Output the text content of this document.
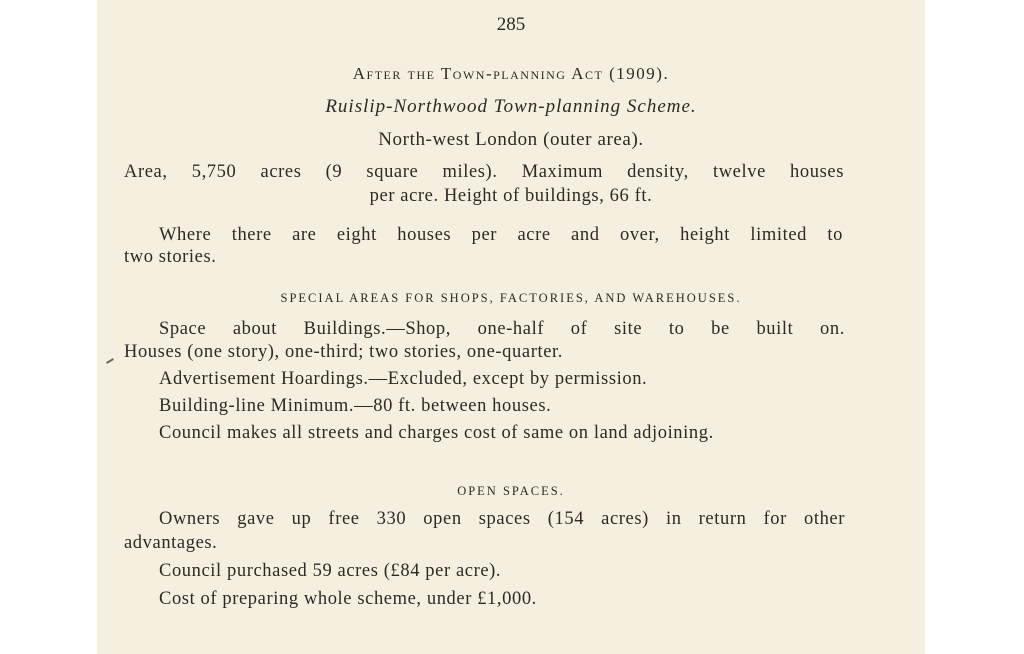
285
After the Town-planning Act (1909).
Ruislip-Northwood Town-planning Scheme.
North-west London (outer area).
Area, 5,750 acres (9 square miles). Maximum density, twelve houses
per acre. Height of buildings, 66 ft.
Where there are eight houses per acre and over, height limited to
two stories.
SPECIAL AREAS FOR SHOPS, FACTORIES, AND WAREHOUSES.
Space about Buildings.—Shop, one-half of site to be built on.
Houses (one story), one-third; two stories, one-quarter.
Advertisement Hoardings.—Excluded, except by permission.
Building-line Minimum.—80 ft. between houses.
Council makes all streets and charges cost of same on land adjoining.
OPEN SPACES.
Owners gave up free 330 open spaces (154 acres) in return for other
advantages.
Council purchased 59 acres (£84 per acre).
Cost of preparing whole scheme, under £1,000.
